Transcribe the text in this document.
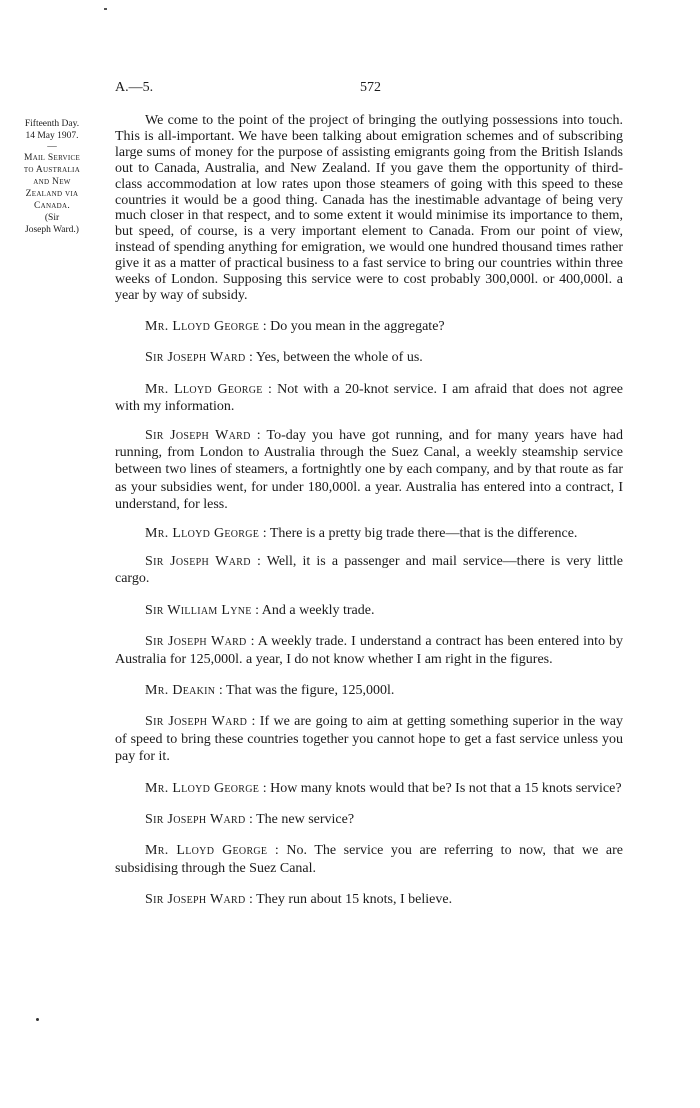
A.—5.	572
Fifteenth Day.
14 May 1907.
—
Mail Service
to Australia
and New
Zealand via
Canada.
(Sir
Joseph Ward.)

We come to the point of the project of bringing the outlying possessions into touch. This is all-important. We have been talking about emigration schemes and of subscribing large sums of money for the purpose of assisting emigrants going from the British Islands out to Canada, Australia, and New Zealand. If you gave them the opportunity of third-class accommodation at low rates upon those steamers of going with this speed to these countries it would be a good thing. Canada has the inestimable advantage of being very much closer in that respect, and to some extent it would minimise its importance to them, but speed, of course, is a very important element to Canada. From our point of view, instead of spending anything for emigration, we would one hundred thousand times rather give it as a matter of practical business to a fast service to bring our countries within three weeks of London. Supposing this service were to cost probably 300,000l. or 400,000l. a year by way of subsidy.

Mr. Lloyd George : Do you mean in the aggregate?

Sir Joseph Ward : Yes, between the whole of us.

Mr. Lloyd George : Not with a 20-knot service. I am afraid that does not agree with my information.

Sir Joseph Ward : To-day you have got running, and for many years have had running, from London to Australia through the Suez Canal, a weekly steamship service between two lines of steamers, a fortnightly one by each company, and by that route as far as your subsidies went, for under 180,000l. a year. Australia has entered into a contract, I understand, for less.

Mr. Lloyd George : There is a pretty big trade there—that is the difference.

Sir Joseph Ward : Well, it is a passenger and mail service—there is very little cargo.

Sir William Lyne : And a weekly trade.

Sir Joseph Ward : A weekly trade. I understand a contract has been entered into by Australia for 125,000l. a year, I do not know whether I am right in the figures.

Mr. Deakin : That was the figure, 125,000l.

Sir Joseph Ward : If we are going to aim at getting something superior in the way of speed to bring these countries together you cannot hope to get a fast service unless you pay for it.

Mr. Lloyd George : How many knots would that be? Is not that a 15 knots service?

Sir Joseph Ward : The new service?

Mr. Lloyd George : No. The service you are referring to now, that we are subsidising through the Suez Canal.

Sir Joseph Ward : They run about 15 knots, I believe.
